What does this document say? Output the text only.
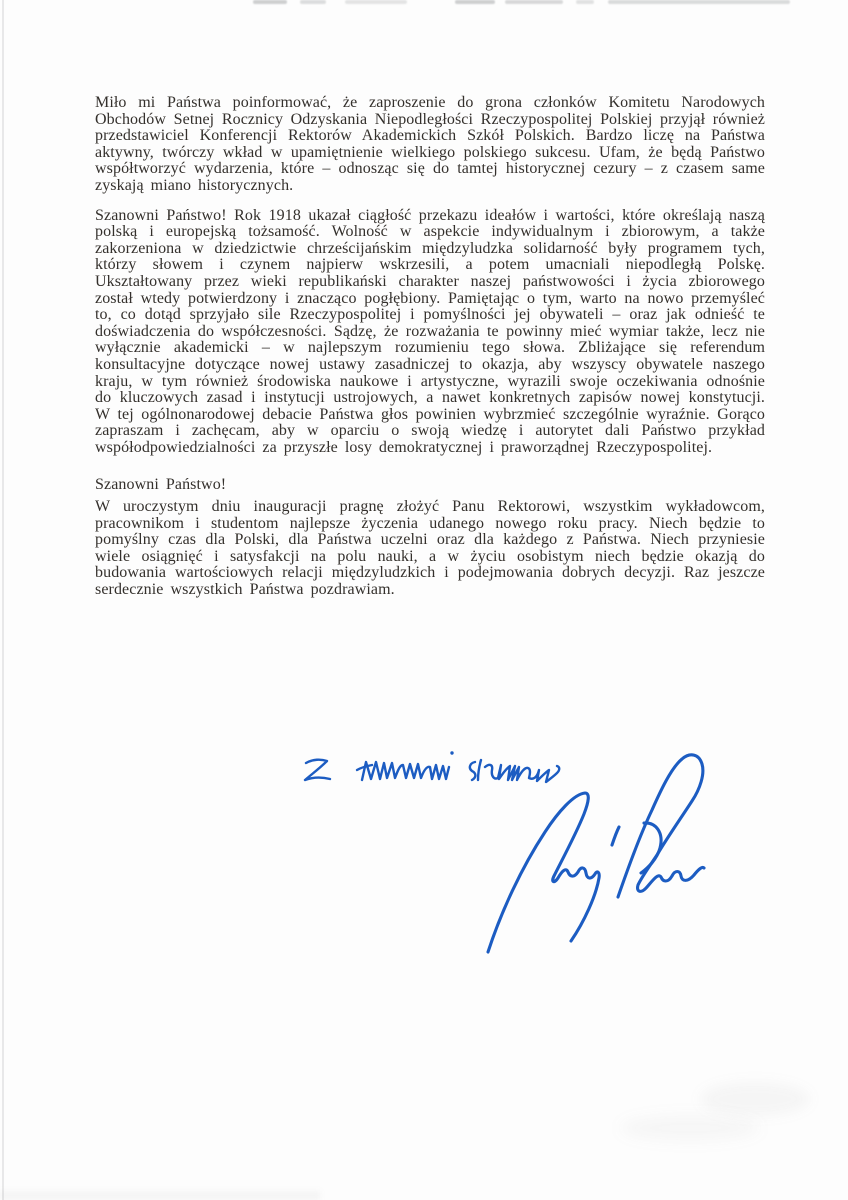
Miło mi Państwa poinformować, że zaproszenie do grona członków Komitetu Narodowych Obchodów Setnej Rocznicy Odzyskania Niepodległości Rzeczypospolitej Polskiej przyjął również przedstawiciel Konferencji Rektorów Akademickich Szkół Polskich. Bardzo liczę na Państwa aktywny, twórczy wkład w upamiętnienie wielkiego polskiego sukcesu. Ufam, że będą Państwo współtworzyć wydarzenia, które – odnosząc się do tamtej historycznej cezury – z czasem same zyskają miano historycznych.

Szanowni Państwo! Rok 1918 ukazał ciągłość przekazu ideałów i wartości, które określają naszą polską i europejską tożsamość. Wolność w aspekcie indywidualnym i zbiorowym, a także zakorzeniona w dziedzictwie chrześcijańskim międzyludzka solidarność były programem tych, którzy słowem i czynem najpierw wskrzesili, a potem umacniali niepodległą Polskę. Ukształtowany przez wieki republikański charakter naszej państwowości i życia zbiorowego został wtedy potwierdzony i znacząco pogłębiony. Pamiętając o tym, warto na nowo przemyśleć to, co dotąd sprzyjało sile Rzeczypospolitej i pomyślności jej obywateli – oraz jak odnieść te doświadczenia do współczesności. Sądzę, że rozważania te powinny mieć wymiar także, lecz nie wyłącznie akademicki – w najlepszym rozumieniu tego słowa. Zbliżające się referendum konsultacyjne dotyczące nowej ustawy zasadniczej to okazja, aby wszyscy obywatele naszego kraju, w tym również środowiska naukowe i artystyczne, wyrazili swoje oczekiwania odnośnie do kluczowych zasad i instytucji ustrojowych, a nawet konkretnych zapisów nowej konstytucji. W tej ogólnonarodowej debacie Państwa głos powinien wybrzmieć szczególnie wyraźnie. Gorąco zapraszam i zachęcam, aby w oparciu o swoją wiedzę i autorytet dali Państwo przykład współodpowiedzialności za przyszłe losy demokratycznej i praworządnej Rzeczypospolitej.

Szanowni Państwo!

W uroczystym dniu inauguracji pragnę złożyć Panu Rektorowi, wszystkim wykładowcom, pracownikom i studentom najlepsze życzenia udanego nowego roku pracy. Niech będzie to pomyślny czas dla Polski, dla Państwa uczelni oraz dla każdego z Państwa. Niech przyniesie wiele osiągnięć i satysfakcji na polu nauki, a w życiu osobistym niech będzie okazją do budowania wartościowych relacji międzyludzkich i podejmowania dobrych decyzji. Raz jeszcze serdecznie wszystkich Państwa pozdrawiam.
